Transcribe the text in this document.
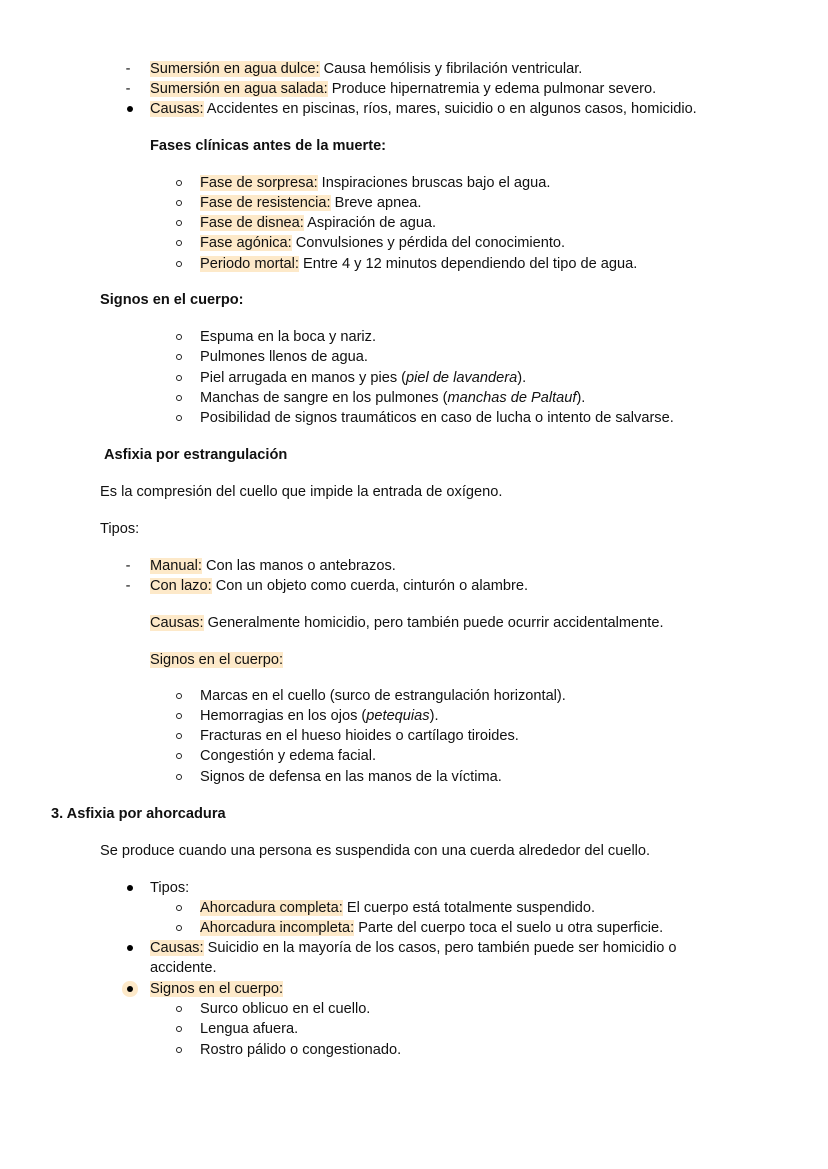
- Sumersión en agua dulce: Causa hemólisis y fibrilación ventricular.
- Sumersión en agua salada: Produce hipernatremia y edema pulmonar severo.
Causas: Accidentes en piscinas, ríos, mares, suicidio o en algunos casos, homicidio.
Fases clínicas antes de la muerte:
Fase de sorpresa: Inspiraciones bruscas bajo el agua.
Fase de resistencia: Breve apnea.
Fase de disnea: Aspiración de agua.
Fase agónica: Convulsiones y pérdida del conocimiento.
Periodo mortal: Entre 4 y 12 minutos dependiendo del tipo de agua.
Signos en el cuerpo:
Espuma en la boca y nariz.
Pulmones llenos de agua.
Piel arrugada en manos y pies (piel de lavandera).
Manchas de sangre en los pulmones (manchas de Paltauf).
Posibilidad de signos traumáticos en caso de lucha o intento de salvarse.
Asfixia por estrangulación
Es la compresión del cuello que impide la entrada de oxígeno.
Tipos:
- Manual: Con las manos o antebrazos.
- Con lazo: Con un objeto como cuerda, cinturón o alambre.
Causas: Generalmente homicidio, pero también puede ocurrir accidentalmente.
Signos en el cuerpo:
Marcas en el cuello (surco de estrangulación horizontal).
Hemorragias en los ojos (petequias).
Fracturas en el hueso hioides o cartílago tiroides.
Congestión y edema facial.
Signos de defensa en las manos de la víctima.
3. Asfixia por ahorcadura
Se produce cuando una persona es suspendida con una cuerda alrededor del cuello.
Tipos:
Ahorcadura completa: El cuerpo está totalmente suspendido.
Ahorcadura incompleta: Parte del cuerpo toca el suelo u otra superficie.
Causas: Suicidio en la mayoría de los casos, pero también puede ser homicidio o
accidente.
Signos en el cuerpo:
Surco oblicuo en el cuello.
Lengua afuera.
Rostro pálido o congestionado.
